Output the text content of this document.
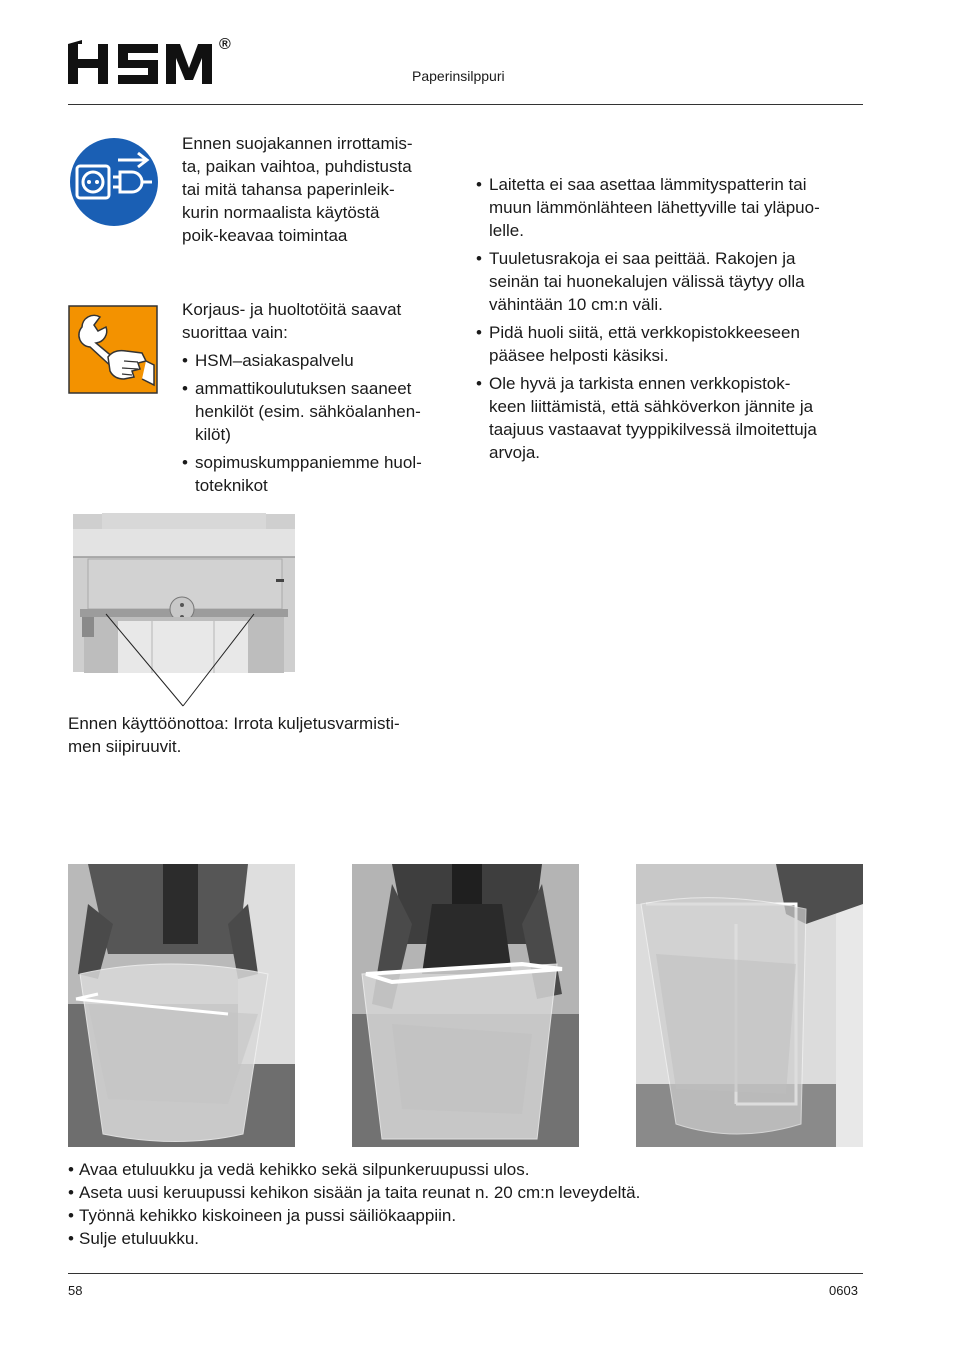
®
Paperinsilppuri
Ennen suojakannen irrottamis-
ta, paikan vaihtoa, puhdistusta
tai mitä tahansa paperinleik-
kurin normaalista käytöstä
poik-keavaa toimintaa
Korjaus- ja huoltotöitä saavat
suorittaa vain:
• HSM–asiakaspalvelu
• ammattikoulutuksen saaneet
henkilöt (esim. sähköalanhen-
kilöt)
• sopimuskumppaniemme huol-
toteknikot
• Laitetta ei saa asettaa lämmityspatterin tai
muun lämmönlähteen lähettyville tai yläpuo-
lelle.
• Tuuletusrakoja ei saa peittää. Rakojen ja
seinän tai huonekalujen välissä täytyy olla
vähintään 10 cm:n väli.
• Pidä huoli siitä, että verkkopistokkeeseen
pääsee helposti käsiksi.
• Ole hyvä ja tarkista ennen verkkopistok-
keen liittämistä, että sähköverkon jännite ja
taajuus vastaavat tyyppikilvessä ilmoitettuja
arvoja.
Ennen käyttöönottoa: Irrota kuljetusvarmisti-
men siipiruuvit.
• Avaa etuluukku ja vedä kehikko sekä silpunkeruupussi ulos.
• Aseta uusi keruupussi kehikon sisään ja taita reunat n. 20 cm:n leveydeltä.
• Työnnä kehikko kiskoineen ja pussi säiliökaappiin.
• Sulje etuluukku.
58	0603
